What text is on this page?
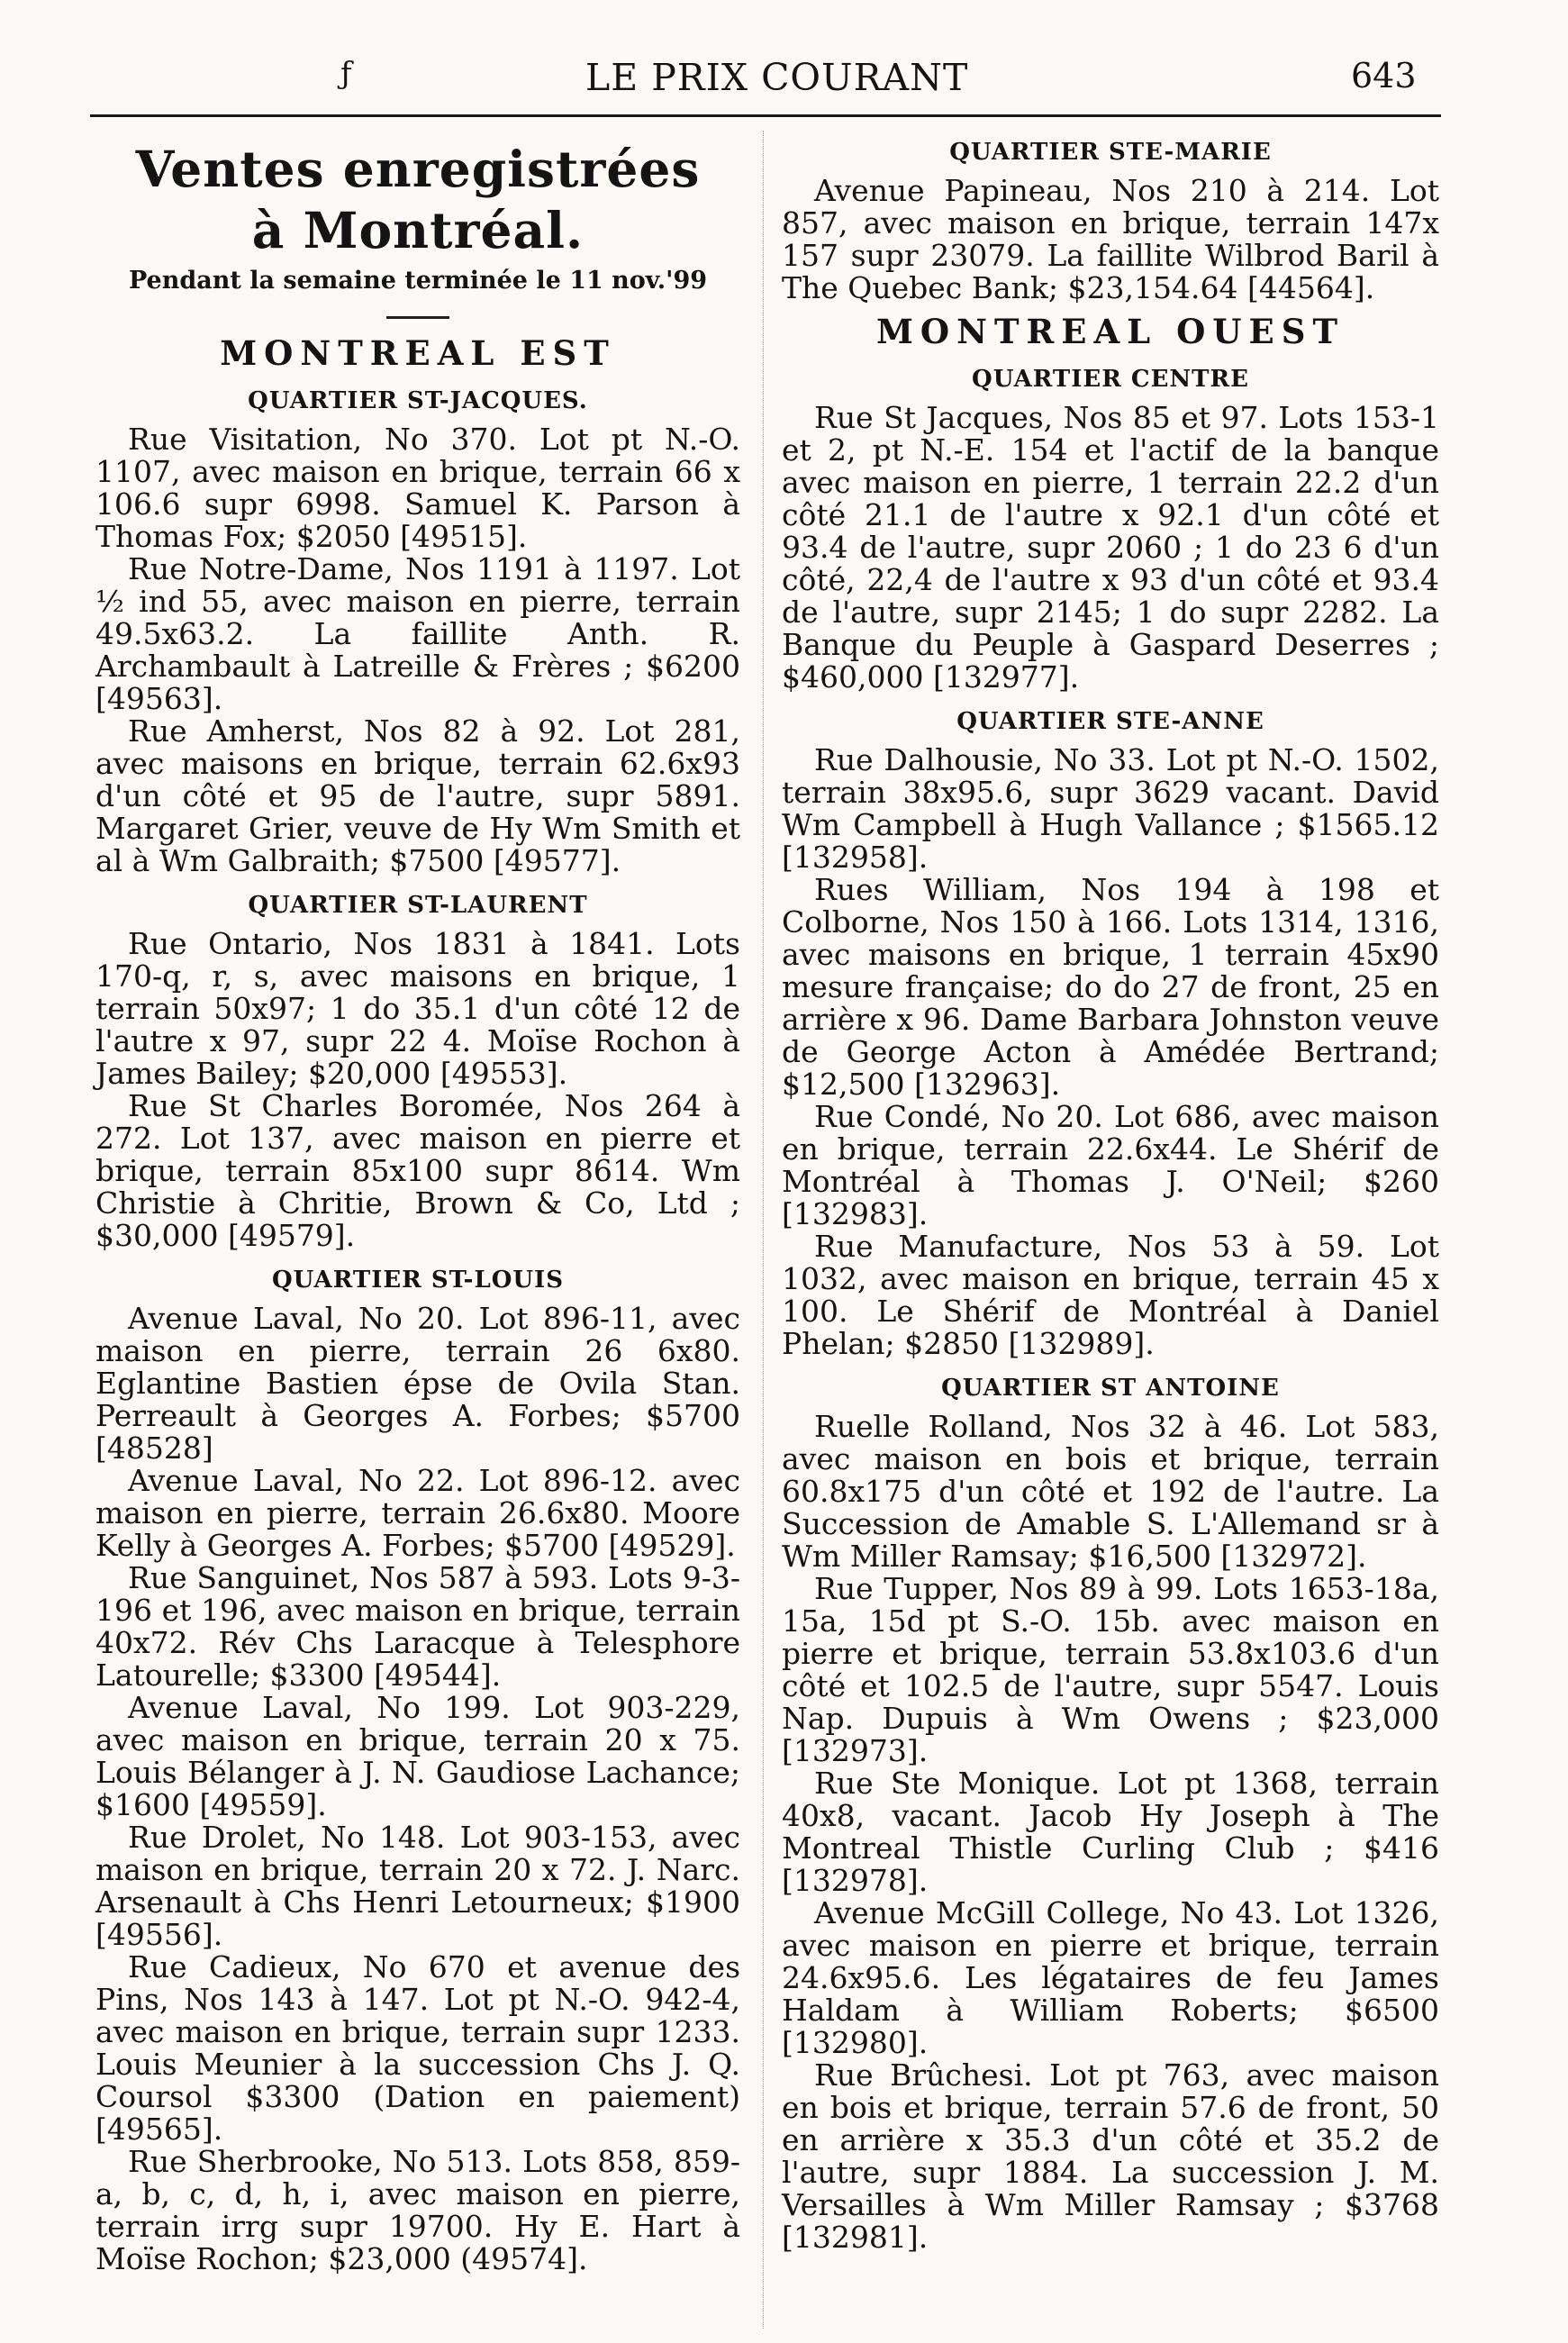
ƒ	LE PRIX COURANT	643
Ventes enregistrées
à Montréal.
Pendant la semaine terminée le 11 nov.'99
MONTREAL EST
QUARTIER ST-JACQUES.

Rue Visitation, No 370. Lot pt N.-O. 1107, avec maison en brique, terrain 66 x 106.6 supr 6998. Samuel K. Parson à Thomas Fox; $2050 [49515].

Rue Notre-Dame, Nos 1191 à 1197. Lot ½ ind 55, avec maison en pierre, terrain 49.5x63.2. La faillite Anth. R. Archambault à Latreille & Frères ; $6200 [49563].

Rue Amherst, Nos 82 à 92. Lot 281, avec maisons en brique, terrain 62.6x93 d'un côté et 95 de l'autre, supr 5891. Margaret Grier, veuve de Hy Wm Smith et al à Wm Galbraith; $7500 [49577].

QUARTIER ST-LAURENT

Rue Ontario, Nos 1831 à 1841. Lots 170-q, r, s, avec maisons en brique, 1 terrain 50x97; 1 do 35.1 d'un côté 12 de l'autre x 97, supr 22 4. Moïse Rochon à James Bailey; $20,000 [49553].

Rue St Charles Boromée, Nos 264 à 272. Lot 137, avec maison en pierre et brique, terrain 85x100 supr 8614. Wm Christie à Chritie, Brown & Co, Ltd ; $30,000 [49579].

QUARTIER ST-LOUIS

Avenue Laval, No 20. Lot 896-11, avec maison en pierre, terrain 26 6x80. Eglantine Bastien épse de Ovila Stan. Perreault à Georges A. Forbes; $5700 [48528]

Avenue Laval, No 22. Lot 896-12. avec maison en pierre, terrain 26.6x80. Moore Kelly à Georges A. Forbes; $5700 [49529].

Rue Sanguinet, Nos 587 à 593. Lots 9-3-196 et 196, avec maison en brique, terrain 40x72. Rév Chs Laracque à Telesphore Latourelle; $3300 [49544].

Avenue Laval, No 199. Lot 903-229, avec maison en brique, terrain 20 x 75. Louis Bélanger à J. N. Gaudiose Lachance; $1600 [49559].

Rue Drolet, No 148. Lot 903-153, avec maison en brique, terrain 20 x 72. J. Narc. Arsenault à Chs Henri Letourneux; $1900 [49556].

Rue Cadieux, No 670 et avenue des Pins, Nos 143 à 147. Lot pt N.-O. 942-4, avec maison en brique, terrain supr 1233. Louis Meunier à la succession Chs J. Q. Coursol $3300 (Dation en paiement) [49565].

Rue Sherbrooke, No 513. Lots 858, 859-a, b, c, d, h, i, avec maison en pierre, terrain irrg supr 19700. Hy E. Hart à Moïse Rochon; $23,000 (49574].

QUARTIER STE-MARIE

Avenue Papineau, Nos 210 à 214. Lot 857, avec maison en brique, terrain 147x 157 supr 23079. La faillite Wilbrod Baril à The Quebec Bank; $23,154.64 [44564].

MONTREAL OUEST
QUARTIER CENTRE

Rue St Jacques, Nos 85 et 97. Lots 153-1 et 2, pt N.-E. 154 et l'actif de la banque avec maison en pierre, 1 terrain 22.2 d'un côté 21.1 de l'autre x 92.1 d'un côté et 93.4 de l'autre, supr 2060 ; 1 do 23 6 d'un côté, 22,4 de l'autre x 93 d'un côté et 93.4 de l'autre, supr 2145; 1 do supr 2282. La Banque du Peuple à Gaspard Deserres ; $460,000 [132977].

QUARTIER STE-ANNE

Rue Dalhousie, No 33. Lot pt N.-O. 1502, terrain 38x95.6, supr 3629 vacant. David Wm Campbell à Hugh Vallance ; $1565.12 [132958].

Rues William, Nos 194 à 198 et Colborne, Nos 150 à 166. Lots 1314, 1316, avec maisons en brique, 1 terrain 45x90 mesure française; do do 27 de front, 25 en arrière x 96. Dame Barbara Johnston veuve de George Acton à Amédée Bertrand; $12,500 [132963].

Rue Condé, No 20. Lot 686, avec maison en brique, terrain 22.6x44. Le Shérif de Montréal à Thomas J. O'Neil; $260 [132983].

Rue Manufacture, Nos 53 à 59. Lot 1032, avec maison en brique, terrain 45 x 100. Le Shérif de Montréal à Daniel Phelan; $2850 [132989].

QUARTIER ST ANTOINE

Ruelle Rolland, Nos 32 à 46. Lot 583, avec maison en bois et brique, terrain 60.8x175 d'un côté et 192 de l'autre. La Succession de Amable S. L'Allemand sr à Wm Miller Ramsay; $16,500 [132972].

Rue Tupper, Nos 89 à 99. Lots 1653-18a, 15a, 15d pt S.-O. 15b. avec maison en pierre et brique, terrain 53.8x103.6 d'un côté et 102.5 de l'autre, supr 5547. Louis Nap. Dupuis à Wm Owens ; $23,000 [132973].

Rue Ste Monique. Lot pt 1368, terrain 40x8, vacant. Jacob Hy Joseph à The Montreal Thistle Curling Club ; $416 [132978].

Avenue McGill College, No 43. Lot 1326, avec maison en pierre et brique, terrain 24.6x95.6. Les légataires de feu James Haldam à William Roberts; $6500 [132980].

Rue Brûchesi. Lot pt 763, avec maison en bois et brique, terrain 57.6 de front, 50 en arrière x 35.3 d'un côté et 35.2 de l'autre, supr 1884. La succession J. M. Versailles à Wm Miller Ramsay ; $3768 [132981].
